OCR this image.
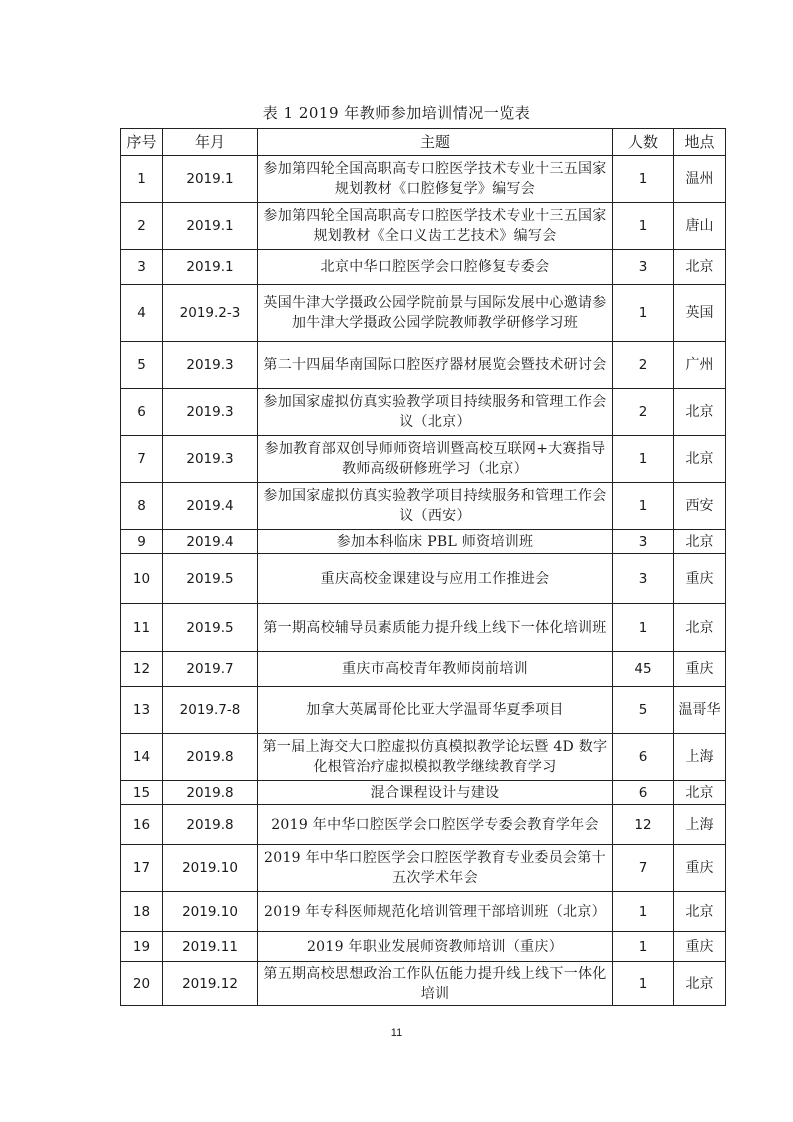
表 1 2019 年教师参加培训情况一览表
序号	年月	主题	人数	地点
1	2019.1	参加第四轮全国高职高专口腔医学技术专业十三五国家规划教材《口腔修复学》编写会	1	温州
2	2019.1	参加第四轮全国高职高专口腔医学技术专业十三五国家规划教材《全口义齿工艺技术》编写会	1	唐山
3	2019.1	北京中华口腔医学会口腔修复专委会	3	北京
4	2019.2-3	英国牛津大学摄政公园学院前景与国际发展中心邀请参加牛津大学摄政公园学院教师教学研修学习班	1	英国
5	2019.3	第二十四届华南国际口腔医疗器材展览会暨技术研讨会	2	广州
6	2019.3	参加国家虚拟仿真实验教学项目持续服务和管理工作会议（北京）	2	北京
7	2019.3	参加教育部双创导师师资培训暨高校互联网+大赛指导教师高级研修班学习（北京）	1	北京
8	2019.4	参加国家虚拟仿真实验教学项目持续服务和管理工作会议（西安）	1	西安
9	2019.4	参加本科临床 PBL 师资培训班	3	北京
10	2019.5	重庆高校金课建设与应用工作推进会	3	重庆
11	2019.5	第一期高校辅导员素质能力提升线上线下一体化培训班	1	北京
12	2019.7	重庆市高校青年教师岗前培训	45	重庆
13	2019.7-8	加拿大英属哥伦比亚大学温哥华夏季项目	5	温哥华
14	2019.8	第一届上海交大口腔虚拟仿真模拟教学论坛暨 4D 数字化根管治疗虚拟模拟教学继续教育学习	6	上海
15	2019.8	混合课程设计与建设	6	北京
16	2019.8	2019 年中华口腔医学会口腔医学专委会教育学年会	12	上海
17	2019.10	2019 年中华口腔医学会口腔医学教育专业委员会第十五次学术年会	7	重庆
18	2019.10	2019 年专科医师规范化培训管理干部培训班（北京）	1	北京
19	2019.11	2019 年职业发展师资教师培训（重庆）	1	重庆
20	2019.12	第五期高校思想政治工作队伍能力提升线上线下一体化培训	1	北京
11
